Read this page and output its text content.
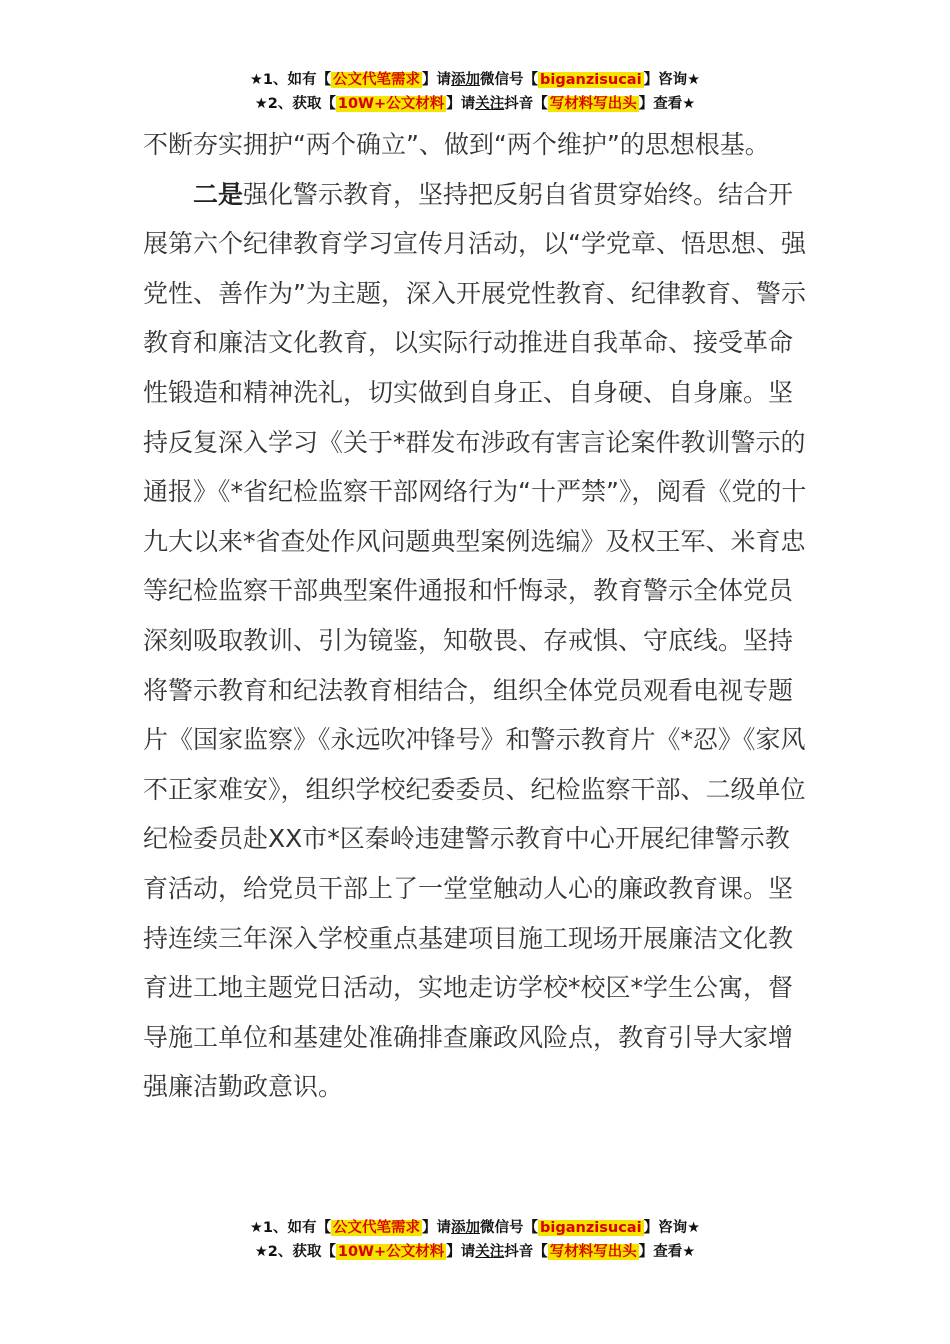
★1、如有【 公文代笔需求 】请添加微信号【 biganzisucai 】咨询★
★2、获取【 10W+公文材料 】请关注抖音【 写材料写出头 】查看★

不断夯实拥护“两个确立”、做到“两个维护”的思想根基。

二是强化警示教育，坚持把反躬自省贯穿始终。结合开展第六个纪律教育学习宣传月活动，以“学党章、悟思想、强党性、善作为”为主题，深入开展党性教育、纪律教育、警示教育和廉洁文化教育，以实际行动推进自我革命、接受革命性锻造和精神洗礼，切实做到自身正、自身硬、自身廉。坚持反复深入学习《关于*群发布涉政有害言论案件教训警示的通报》《*省纪检监察干部网络行为“十严禁”》，阅看《党的十九大以来*省查处作风问题典型案例选编》及权王军、米育忠等纪检监察干部典型案件通报和忏悔录，教育警示全体党员深刻吸取教训、引为镜鉴，知敬畏、存戒惧、守底线。坚持将警示教育和纪法教育相结合，组织全体党员观看电视专题片《国家监察》《永远吹冲锋号》和警示教育片《*忍》《家风不正家难安》，组织学校纪委委员、纪检监察干部、二级单位纪检委员赴XX市*区秦岭违建警示教育中心开展纪律警示教育活动，给党员干部上了一堂堂触动人心的廉政教育课。坚持连续三年深入学校重点基建项目施工现场开展廉洁文化教育进工地主题党日活动，实地走访学校*校区*学生公寓，督导施工单位和基建处准确排查廉政风险点，教育引导大家增强廉洁勤政意识。

★1、如有【 公文代笔需求 】请添加微信号【 biganzisucai 】咨询★
★2、获取【 10W+公文材料 】请关注抖音【 写材料写出头 】查看★
